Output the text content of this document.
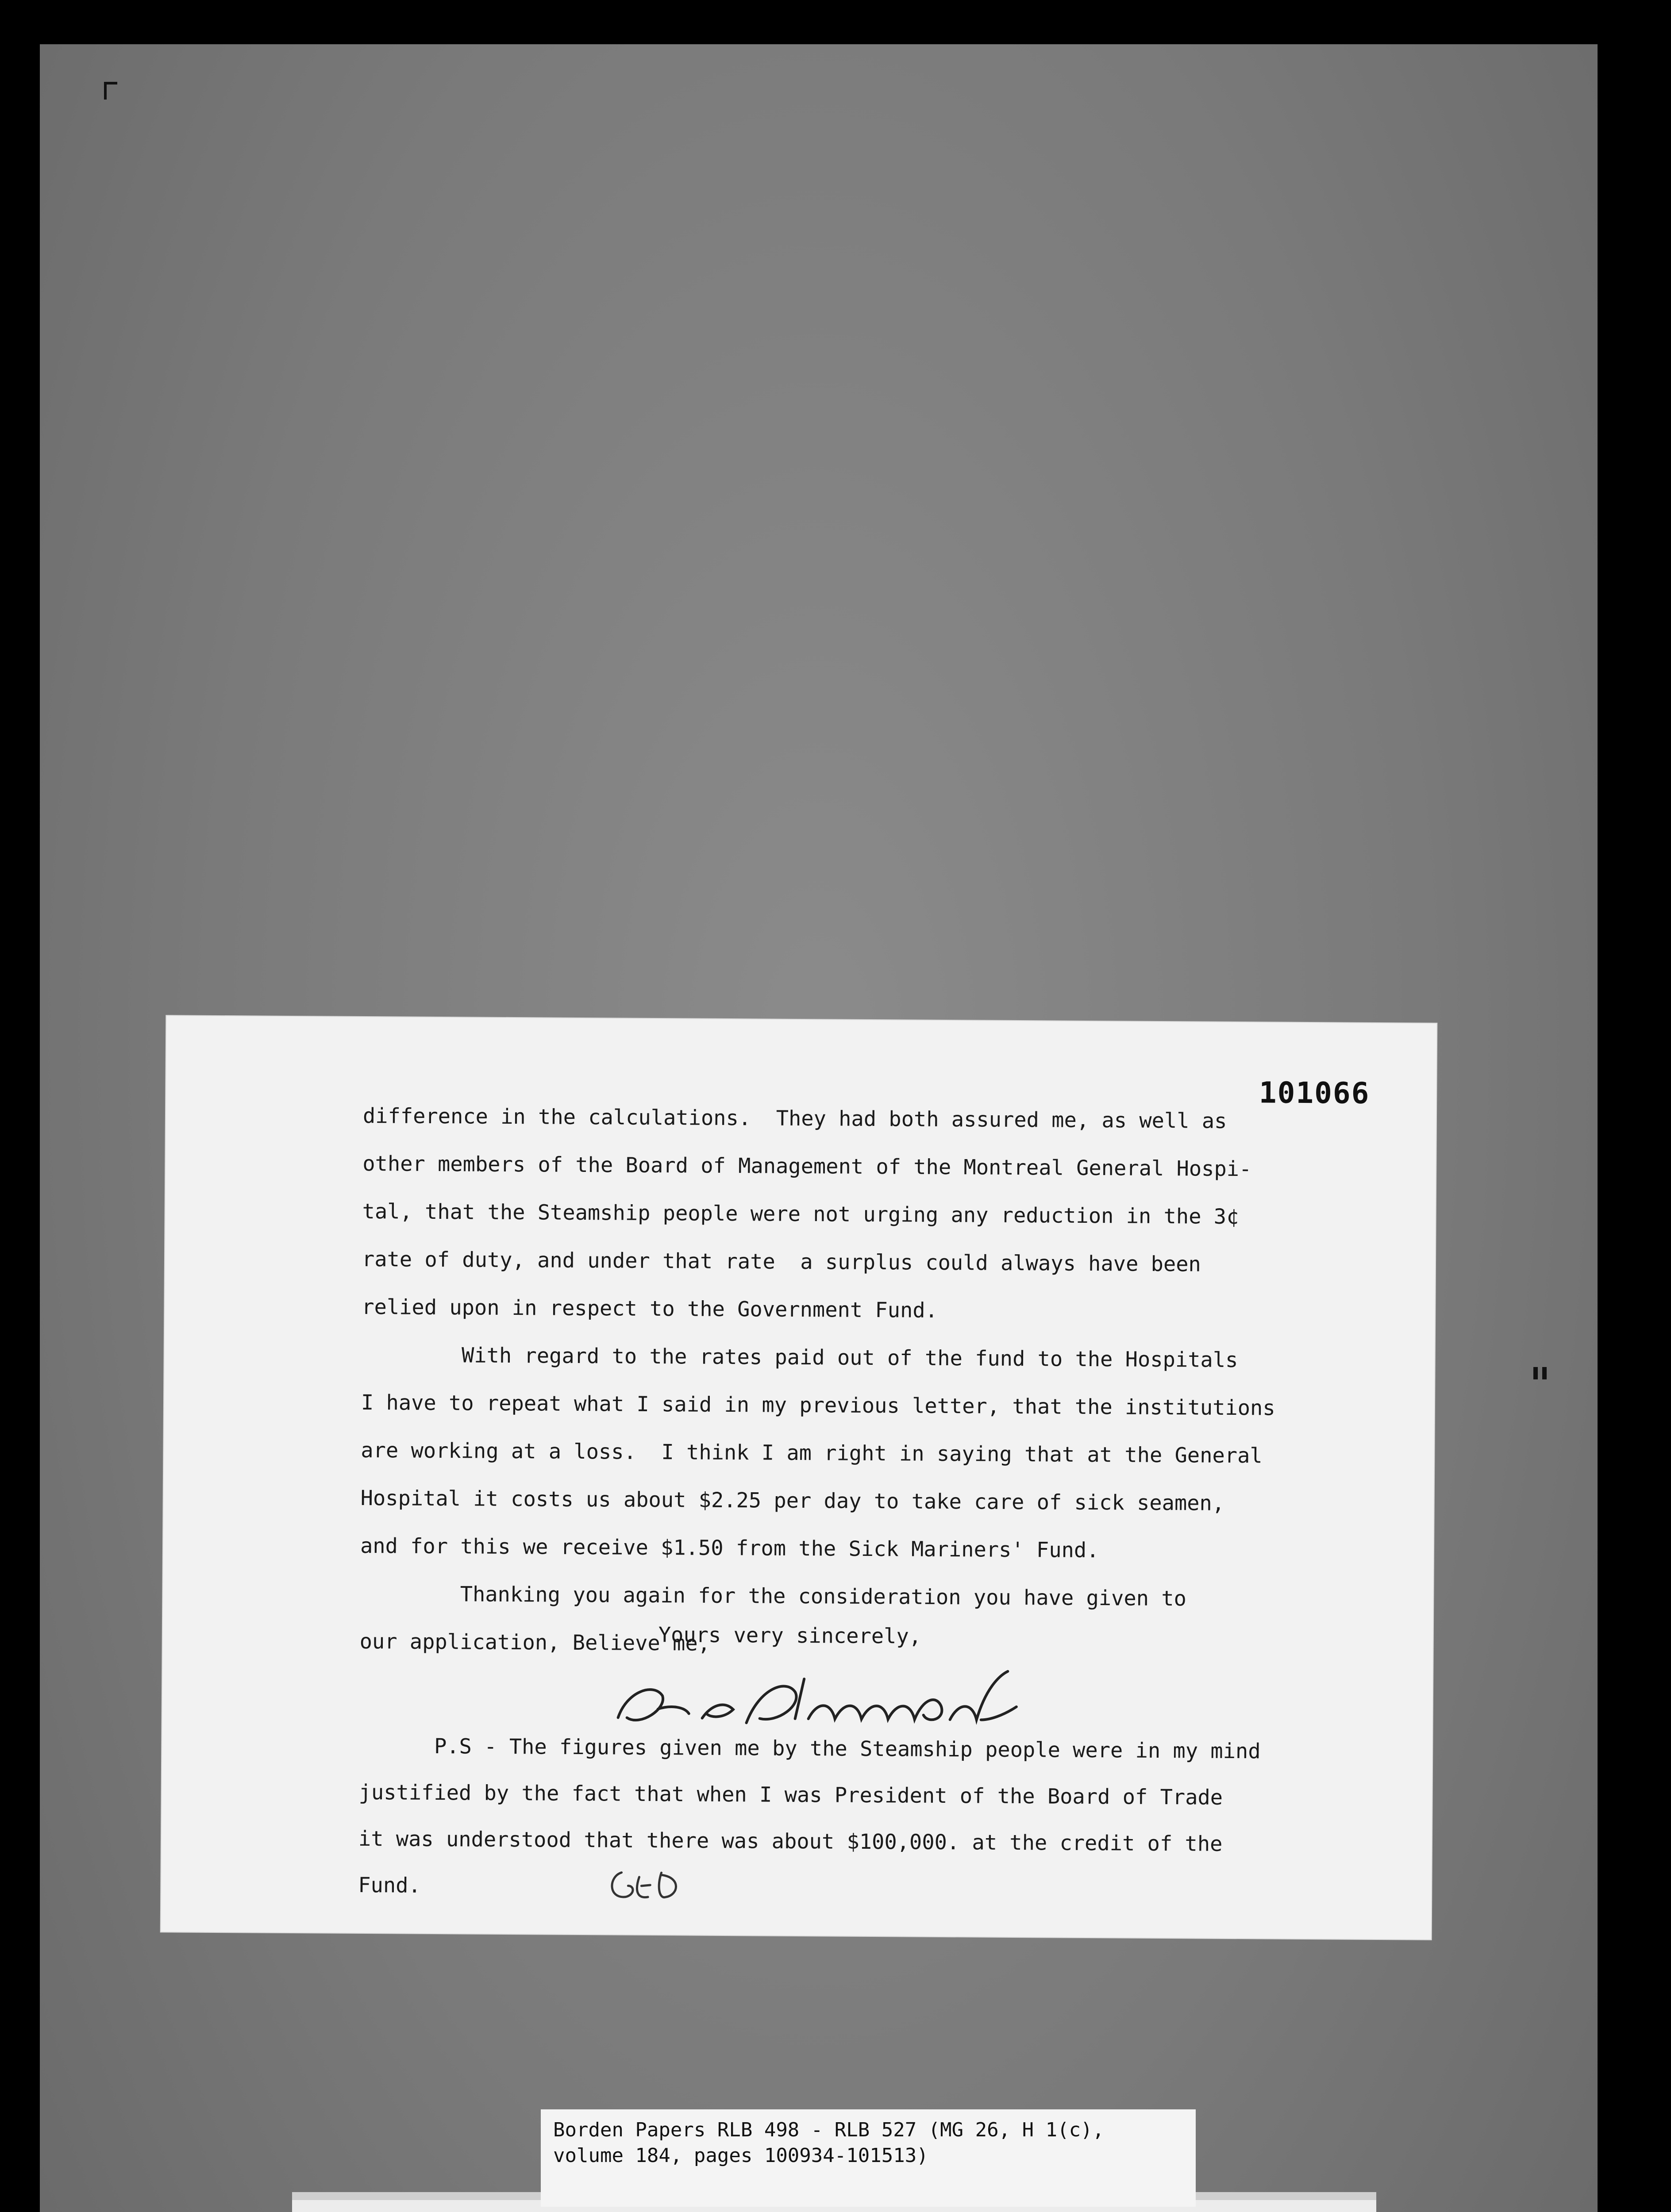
101066
difference in the calculations.  They had both assured me, as well as
other members of the Board of Management of the Montreal General Hospi-
tal, that the Steamship people were not urging any reduction in the 3¢
rate of duty, and under that rate  a surplus could always have been
relied upon in respect to the Government Fund.
With regard to the rates paid out of the fund to the Hospitals
I have to repeat what I said in my previous letter, that the institutions
are working at a loss.  I think I am right in saying that at the General
Hospital it costs us about $2.25 per day to take care of sick seamen,
and for this we receive $1.50 from the Sick Mariners' Fund.
Thanking you again for the consideration you have given to
our application, Believe me,
Yours very sincerely,
P.S - The figures given me by the Steamship people were in my mind
justified by the fact that when I was President of the Board of Trade
it was understood that there was about $100,000. at the credit of the
Fund.
Borden Papers RLB 498 - RLB 527 (MG 26, H 1(c),
volume 184, pages 100934-101513)
